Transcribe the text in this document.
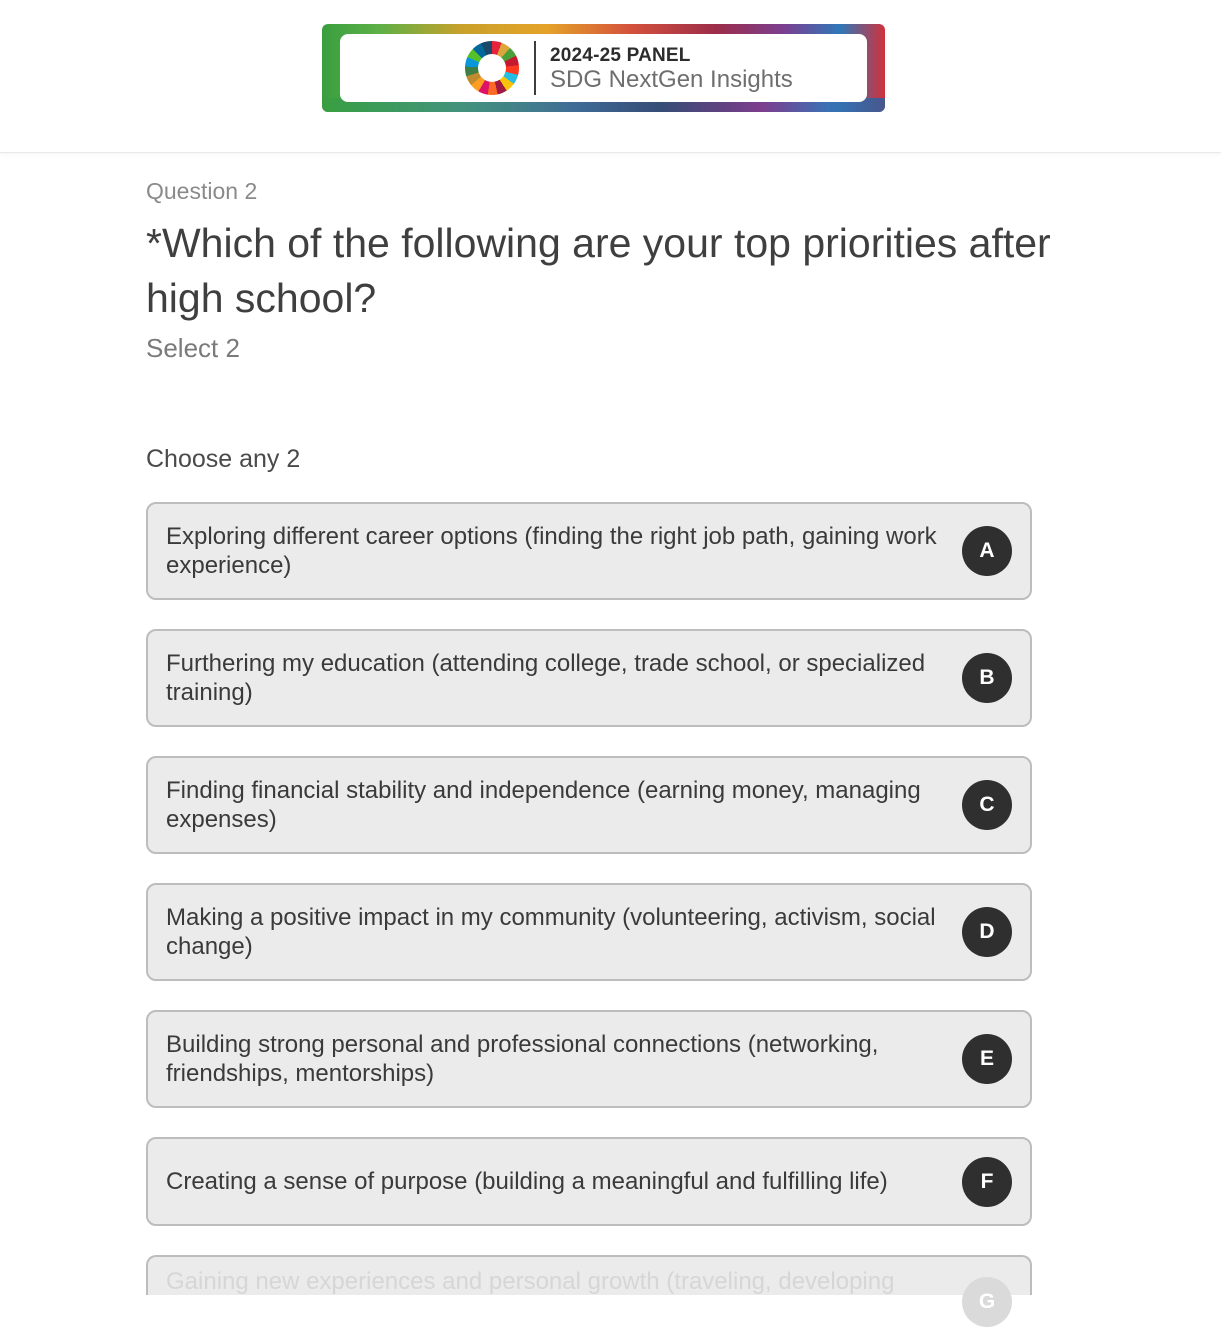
2024-25 PANEL
SDG NextGen Insights
Question 2
*Which of the following are your top priorities after high school?
Select 2
Choose any 2
Exploring different career options (finding the right job path, gaining work experience)
A
Furthering my education (attending college, trade school, or specialized training)
B
Finding financial stability and independence (earning money, managing expenses)
C
Making a positive impact in my community (volunteering, activism, social change)
D
Building strong personal and professional connections (networking, friendships, mentorships)
E
Creating a sense of purpose (building a meaningful and fulfilling life)	F
Gaining new experiences and personal growth (traveling, developing
G
